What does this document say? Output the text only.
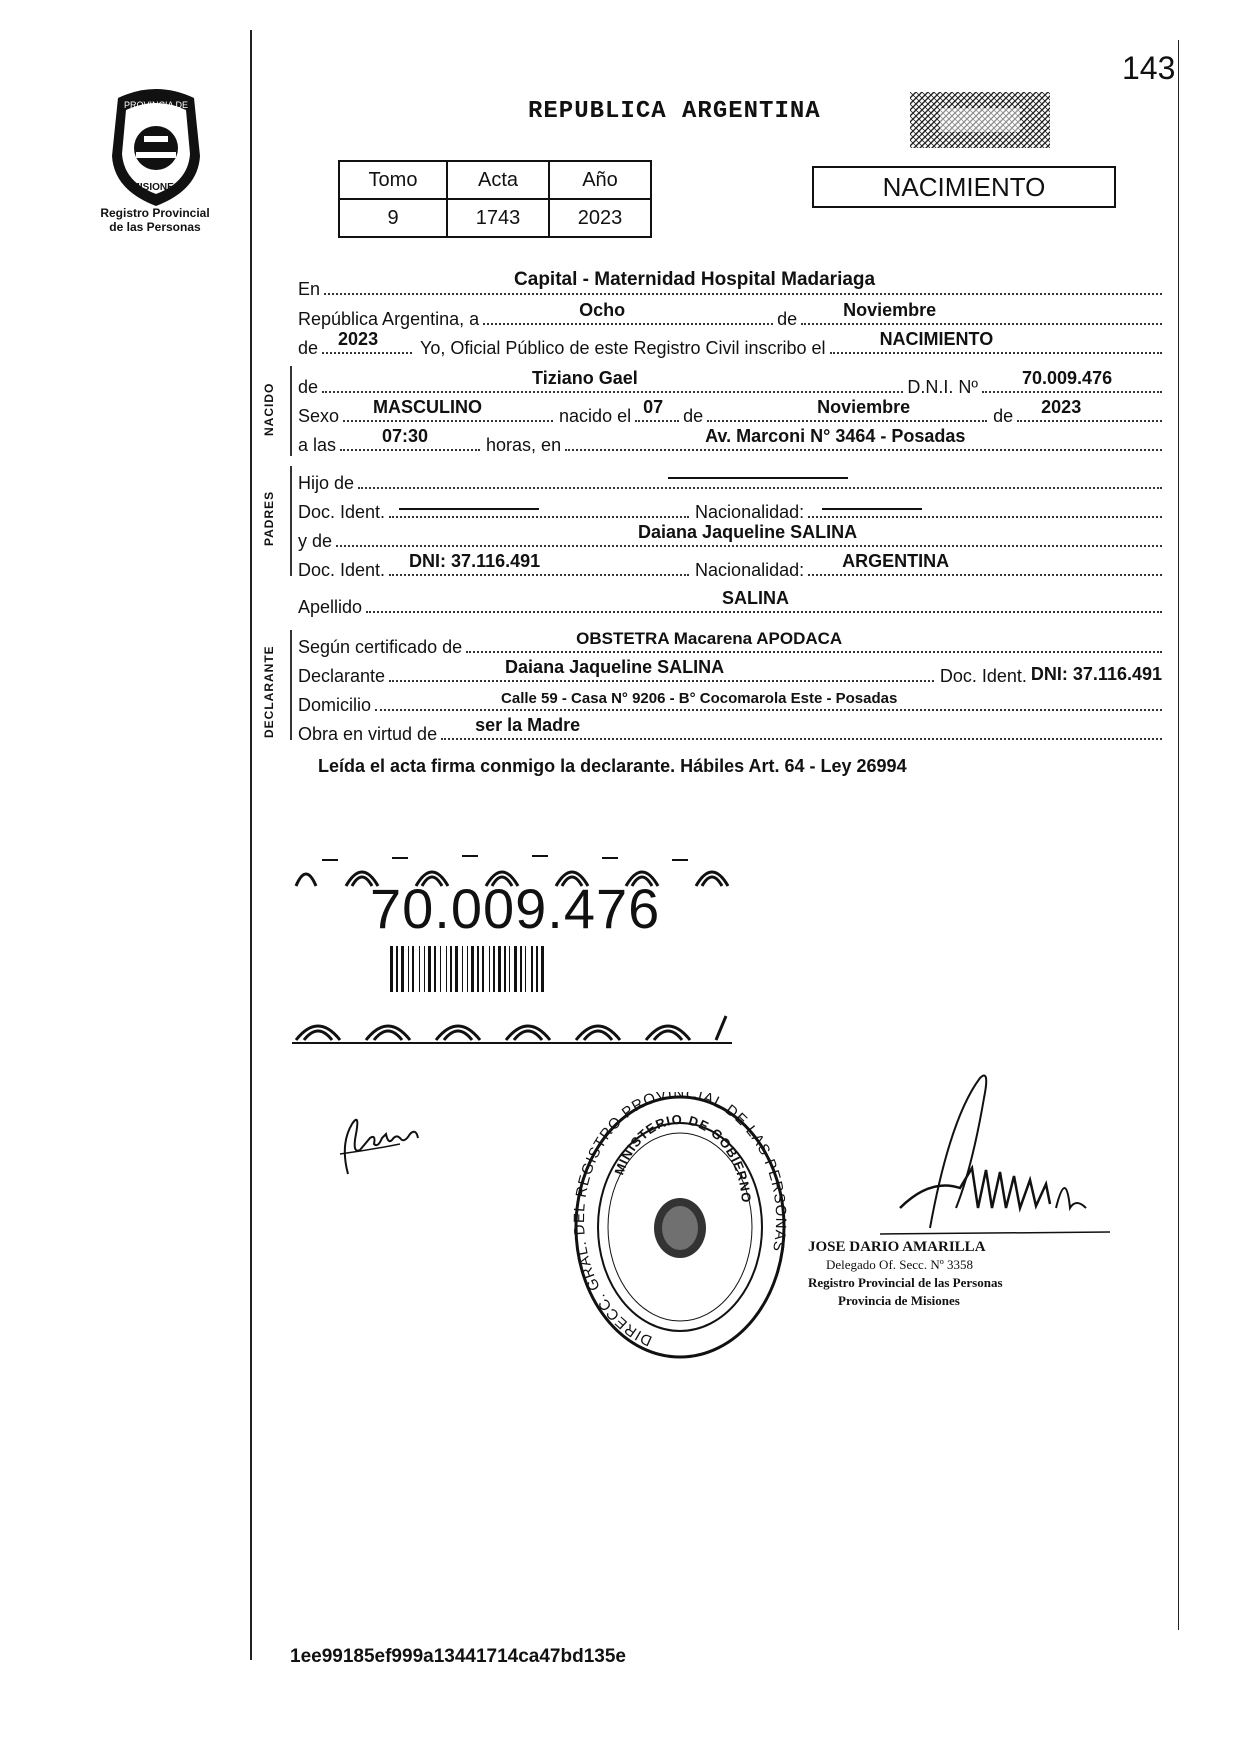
143
PROVINCIA DE
MISIONES
Registro Provincial
de las Personas
REPUBLICA ARGENTINA
Tomo	Acta	Año
9	1743	2023
NACIMIENTO
En	Capital - Maternidad Hospital Madariaga
República Argentina, a	Ocho	de	Noviembre
de 2023	Yo, Oficial Público de este Registro Civil inscribo el	NACIMIENTO
NACIDO de	Tiziano Gael	D.N.I. Nº 70.009.476
Sexo MASCULINO	nacido el 07 de	Noviembre	de 2023
a las	07:30	horas, en	Av. Marconi N° 3464 - Posadas
PADRES
Hijo de
Doc. Ident.	Nacionalidad:
y de	Daiana Jaqueline SALINA
Doc. Ident. DNI: 37.116.491	Nacionalidad: ARGENTINA
Apellido	SALINA
DECLARANTE Según certificado de	OBSTETRA Macarena APODACA
Declarante	Daiana Jaqueline SALINA	Doc. Ident. DNI: 37.116.491
Domicilio	Calle 59 - Casa N° 9206 - B° Cocomarola Este - Posadas
Obra en virtud de ser la Madre
Leída el acta firma conmigo la declarante. Hábiles Art. 64 - Ley 26994
70.009.476
DIRECC. GRAL. DEL REGISTRO PROVINCIAL DE LAS PERSONAS
MINISTERIO DE GOBIERNO
JOSE DARIO AMARILLA
Delegado Of. Secc. Nº 3358
Registro Provincial de las Personas
Provincia de Misiones
1ee99185ef999a13441714ca47bd135e
